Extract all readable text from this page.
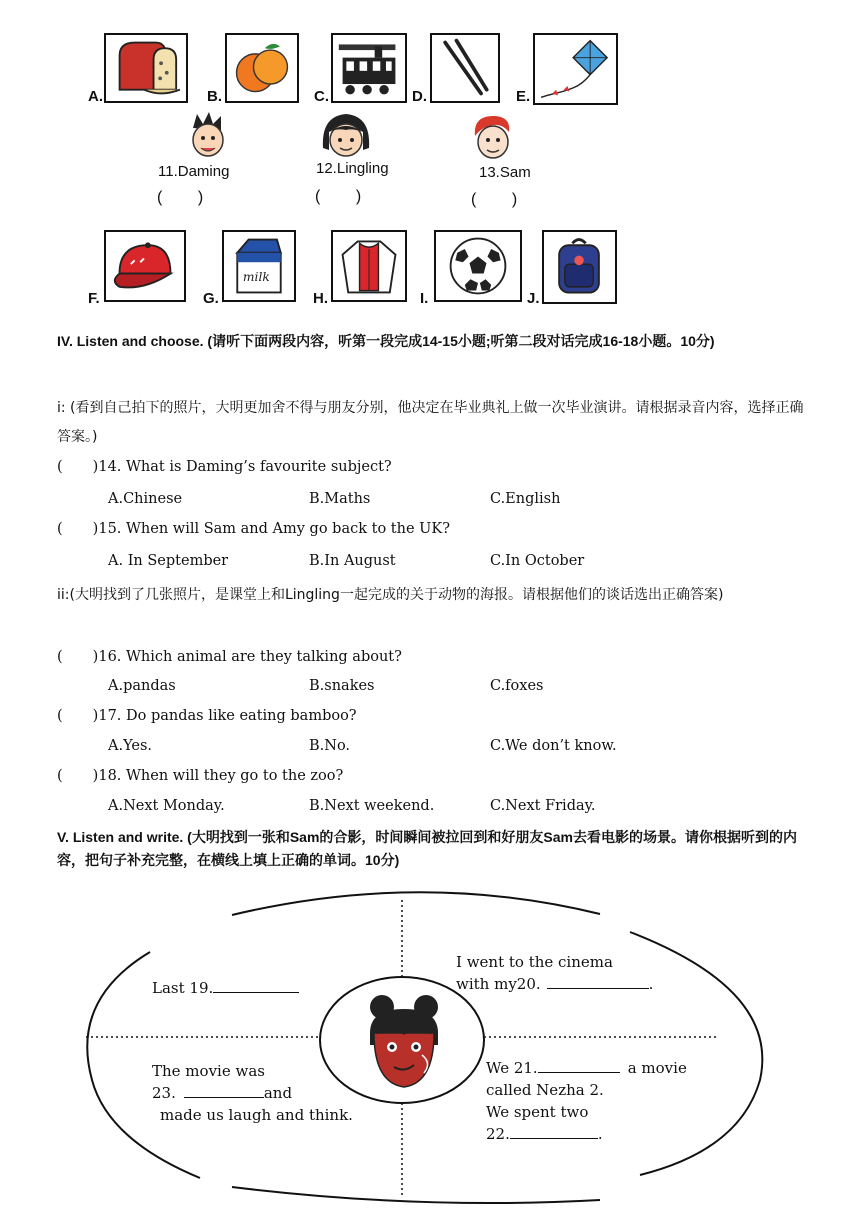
A.	B.	C.	D.	E.
11.Daming
(        )
12.Lingling
(        )
13.Sam
(        )
F.	G.
milk
H.	I.	J.
IV. Listen and choose. (请听下面两段内容，听第一段完成14-15小题;听第二段对话完成16-18小题。10分)
i: (看到自己拍下的照片，大明更加舍不得与朋友分别，他决定在毕业典礼上做一次毕业演讲。请根据录音内容，选择正确答案。)
( )14. What is Daming’s favourite subject?
A.Chinese	B.Maths	C.English
( )15. When will Sam and Amy go back to the UK?
A. In September	B.In August	C.In October
ii:(大明找到了几张照片，是课堂上和Lingling一起完成的关于动物的海报。请根据他们的谈话选出正确答案)
( )16. Which animal are they talking about?
A.pandas	B.snakes	C.foxes
( )17. Do pandas like eating bamboo?
A.Yes.	B.No.	C.We don’t know.
( )18. When will they go to the zoo?
A.Next Monday.	B.Next weekend.	C.Next Friday.
V. Listen and write. (大明找到一张和Sam的合影，时间瞬间被拉回到和好朋友Sam去看电影的场景。请你根据听到的内容，把句子补充完整，在横线上填上正确的单词。10分)
Last 19.
I went to the cinema
with my20.	.
The movie was
23.	and
made us laugh and think.
We 21.	a movie
called Nezha 2.
We spent two
22.	.
